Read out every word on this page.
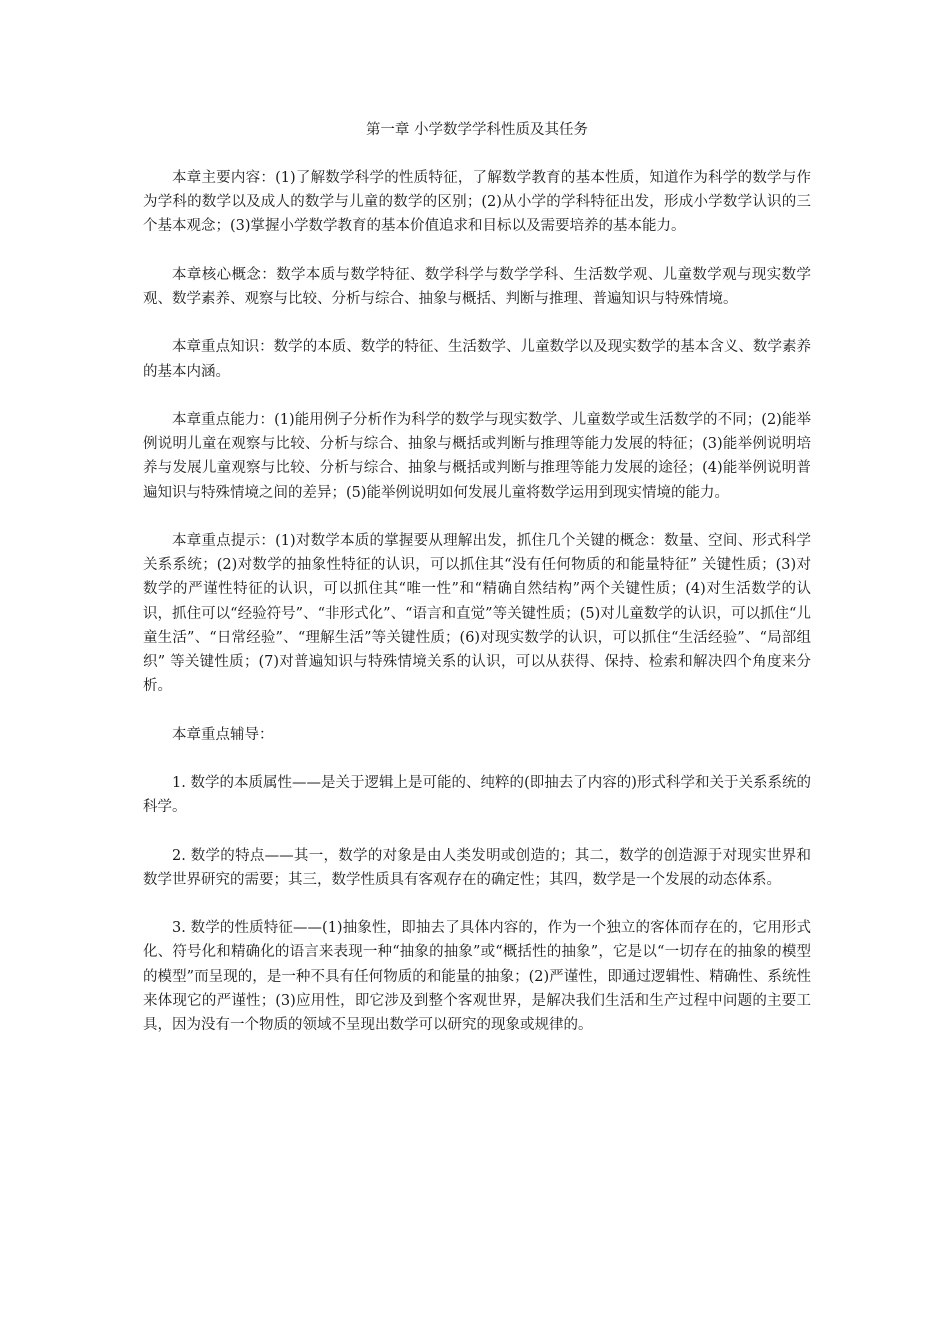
第一章 小学数学学科性质及其任务

本章主要内容：(1)了解数学科学的性质特征，了解数学教育的基本性质，知道作为科学的数学与作为学科的数学以及成人的数学与儿童的数学的区别；(2)从小学的学科特征出发，形成小学数学认识的三个基本观念；(3)掌握小学数学教育的基本价值追求和目标以及需要培养的基本能力。

本章核心概念：数学本质与数学特征、数学科学与数学学科、生活数学观、儿童数学观与现实数学观、数学素养、观察与比较、分析与综合、抽象与概括、判断与推理、普遍知识与特殊情境。

本章重点知识：数学的本质、数学的特征、生活数学、儿童数学以及现实数学的基本含义、数学素养的基本内涵。

本章重点能力：(1)能用例子分析作为科学的数学与现实数学、儿童数学或生活数学的不同；(2)能举例说明儿童在观察与比较、分析与综合、抽象与概括或判断与推理等能力发展的特征；(3)能举例说明培养与发展儿童观察与比较、分析与综合、抽象与概括或判断与推理等能力发展的途径；(4)能举例说明普遍知识与特殊情境之间的差异；(5)能举例说明如何发展儿童将数学运用到现实情境的能力。

本章重点提示：(1)对数学本质的掌握要从理解出发，抓住几个关键的概念：数量、空间、形式科学关系系统；(2)对数学的抽象性特征的认识，可以抓住其“没有任何物质的和能量特征” 关键性质；(3)对数学的严谨性特征的认识，可以抓住其“唯一性”和“精确自然结构”两个关键性质；(4)对生活数学的认识，抓住可以“经验符号”、“非形式化”、“语言和直觉”等关键性质；(5)对儿童数学的认识，可以抓住“儿童生活”、“日常经验”、“理解生活”等关键性质；(6)对现实数学的认识，可以抓住“生活经验”、“局部组织” 等关键性质；(7)对普遍知识与特殊情境关系的认识，可以从获得、保持、检索和解决四个角度来分析。

本章重点辅导：

1. 数学的本质属性——是关于逻辑上是可能的、纯粹的(即抽去了内容的)形式科学和关于关系系统的科学。

2. 数学的特点——其一，数学的对象是由人类发明或创造的；其二，数学的创造源于对现实世界和数学世界研究的需要；其三，数学性质具有客观存在的确定性；其四，数学是一个发展的动态体系。

3. 数学的性质特征——(1)抽象性，即抽去了具体内容的，作为一个独立的客体而存在的，它用形式化、符号化和精确化的语言来表现一种“抽象的抽象”或“概括性的抽象”，它是以“一切存在的抽象的模型的模型”而呈现的，是一种不具有任何物质的和能量的抽象；(2)严谨性，即通过逻辑性、精确性、系统性来体现它的严谨性；(3)应用性，即它涉及到整个客观世界，是解决我们生活和生产过程中问题的主要工具，因为没有一个物质的领域不呈现出数学可以研究的现象或规律的。
